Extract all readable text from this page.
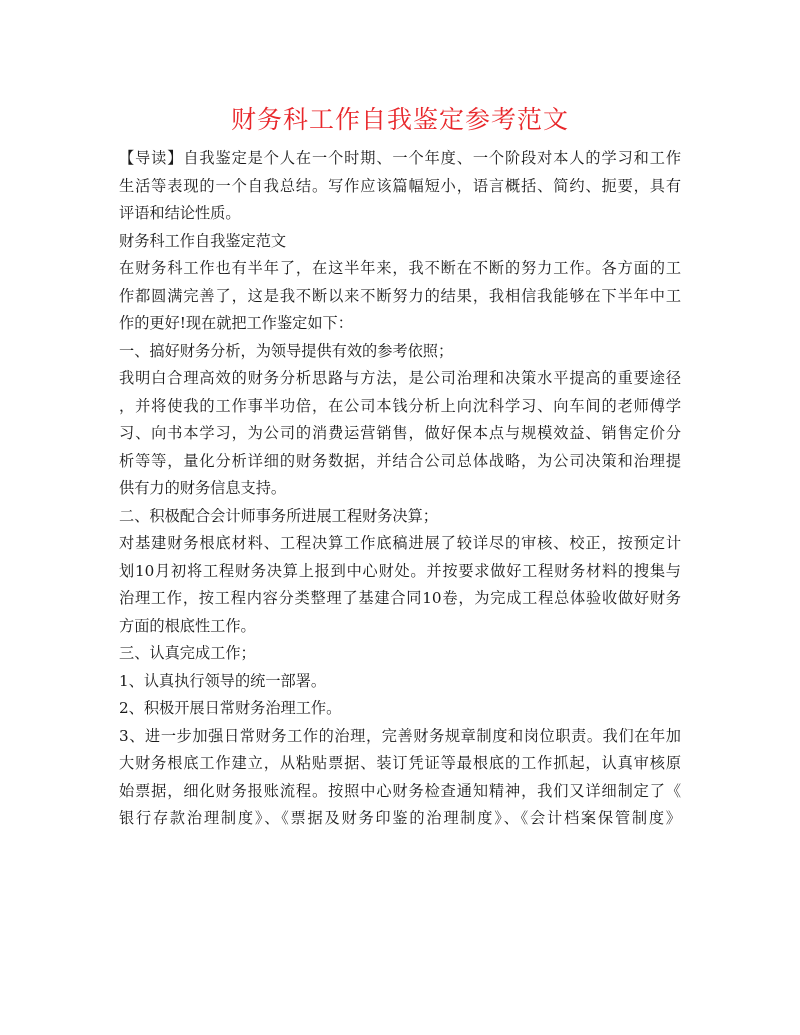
财务科工作自我鉴定参考范文
【导读】自我鉴定是个人在一个时期、一个年度、一个阶段对本人的学习和工作
生活等表现的一个自我总结。写作应该篇幅短小，语言概括、简约、扼要，具有
评语和结论性质。
财务科工作自我鉴定范文
在财务科工作也有半年了，在这半年来，我不断在不断的努力工作。各方面的工
作都圆满完善了，这是我不断以来不断努力的结果，我相信我能够在下半年中工
作的更好!现在就把工作鉴定如下：
一、搞好财务分析，为领导提供有效的参考依照；
我明白合理高效的财务分析思路与方法，是公司治理和决策水平提高的重要途径
，并将使我的工作事半功倍，在公司本钱分析上向沈科学习、向车间的老师傅学
习、向书本学习，为公司的消费运营销售，做好保本点与规模效益、销售定价分
析等等，量化分析详细的财务数据，并结合公司总体战略，为公司决策和治理提
供有力的财务信息支持。
二、积极配合会计师事务所进展工程财务决算；
对基建财务根底材料、工程决算工作底稿进展了较详尽的审核、校正，按预定计
划10月初将工程财务决算上报到中心财处。并按要求做好工程财务材料的搜集与
治理工作，按工程内容分类整理了基建合同10卷，为完成工程总体验收做好财务
方面的根底性工作。
三、认真完成工作；
1、认真执行领导的统一部署。
2、积极开展日常财务治理工作。
3、进一步加强日常财务工作的治理，完善财务规章制度和岗位职责。我们在年加
大财务根底工作建立，从粘贴票据、装订凭证等最根底的工作抓起，认真审核原
始票据，细化财务报账流程。按照中心财务检查通知精神，我们又详细制定了《
银行存款治理制度》、《票据及财务印鉴的治理制度》、《会计档案保管制度》
